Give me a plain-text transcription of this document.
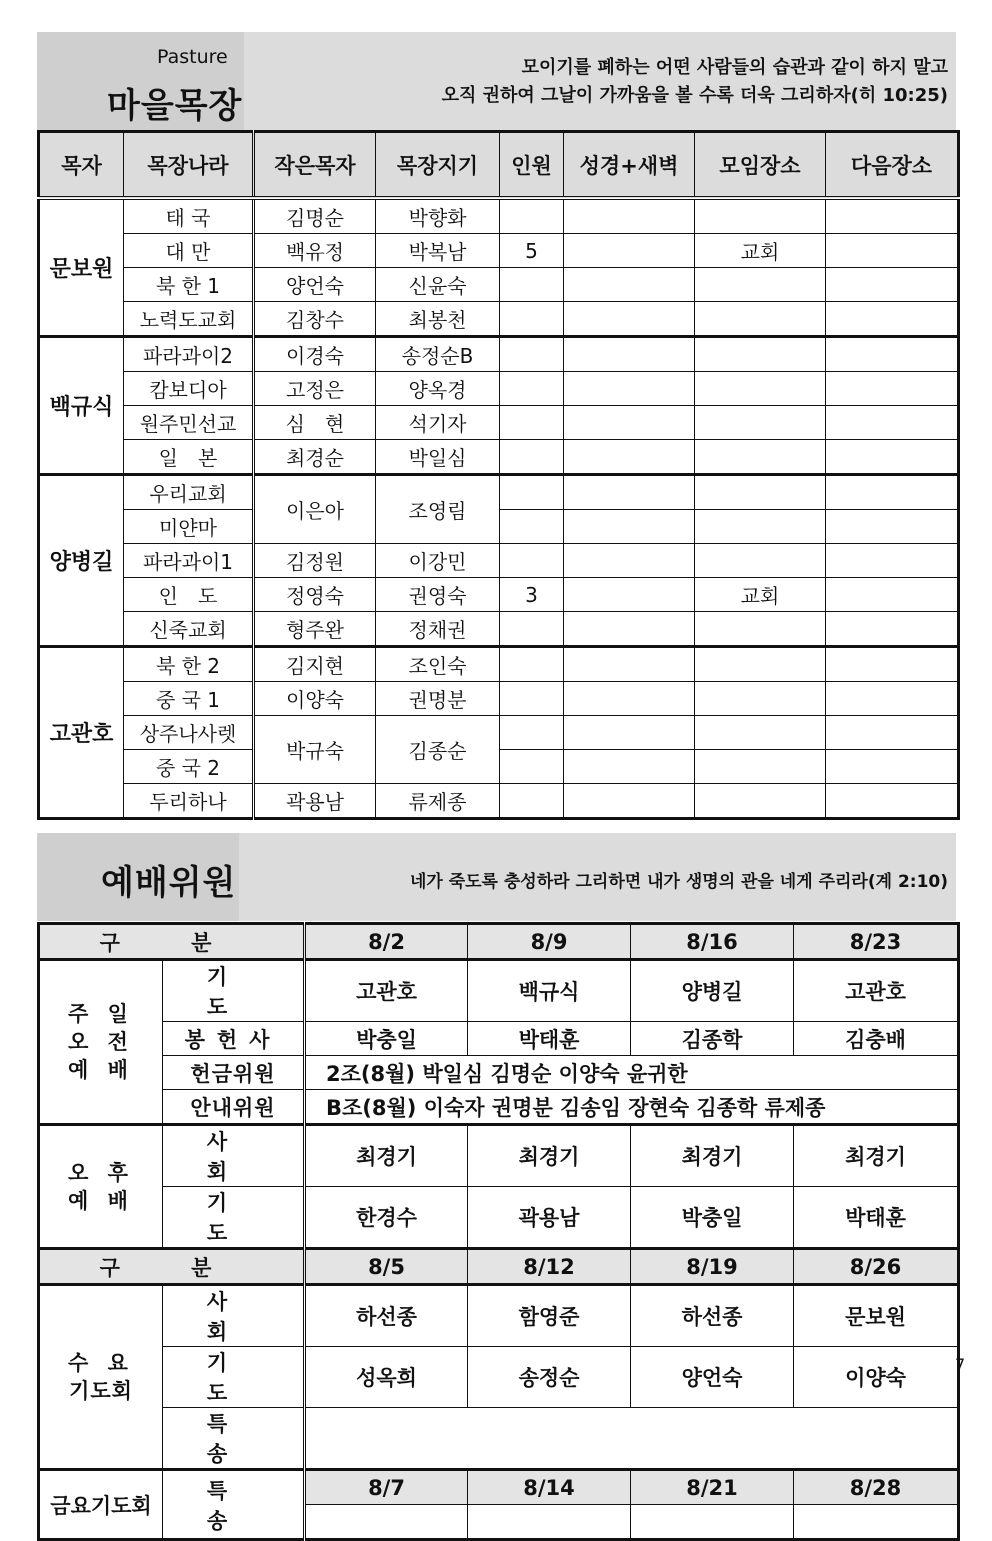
Pasture
마을목장
모이기를 폐하는 어떤 사람들의 습관과 같이 하지 말고
오직 권하여 그날이 가까움을 볼 수록 더욱 그리하자(히 10:25)
목자	목장나라	작은목자	목장지기	인원	성경+새벽	모임장소	다음장소
문보원	태 국	김명순	박향화				
	대 만	백유정	박복남	5		교회	
	북 한 1	양언숙	신윤숙				
	노력도교회	김창수	최봉천				
백규식	파라과이2	이경숙	송정순B				
	캄보디아	고정은	양옥경				
	원주민선교	심　현	석기자				
	일　본	최경순	박일심				
양병길	우리교회	이은아	조영림				
	미얀마						
	파라과이1	김정원	이강민				
	인　도	정영숙	권영숙	3		교회	
	신죽교회	형주완	정채권				
고관호	북 한 2	김지현	조인숙				
	중 국 1	이양숙	권명분				
	상주나사렛	박규숙	김종순				
	중 국 2						
	두리하나	곽용남	류제종				
예배위원	네가 죽도록 충성하라 그리하면 내가 생명의 관을 네게 주리라(계 2:10)
구 분		8/2	8/9	8/16	8/23

주 일
오 전
예 배	기 도	고관호	백규식	양병길	고관호
	봉헌사	박충일	박태훈	김종학	김충배
	헌금위원	2조(8월) 박일심 김명순 이양숙 윤귀한			
	안내위원	B조(8월) 이숙자 권명분 김송임 장현숙 김종학 류제종			

오 후
예 배	사 회	최경기	최경기	최경기	최경기
	기 도	한경수	곽용남	박충일	박태훈
구 분		8/5	8/12	8/19	8/26

수 요
기도회	사 회	하선종	함영준	하선종	문보원
	기 도	성옥희	송정순	양언숙	이양숙
	특 송				
금요기도회	특 송	8/7	8/14	8/21	8/28

7
